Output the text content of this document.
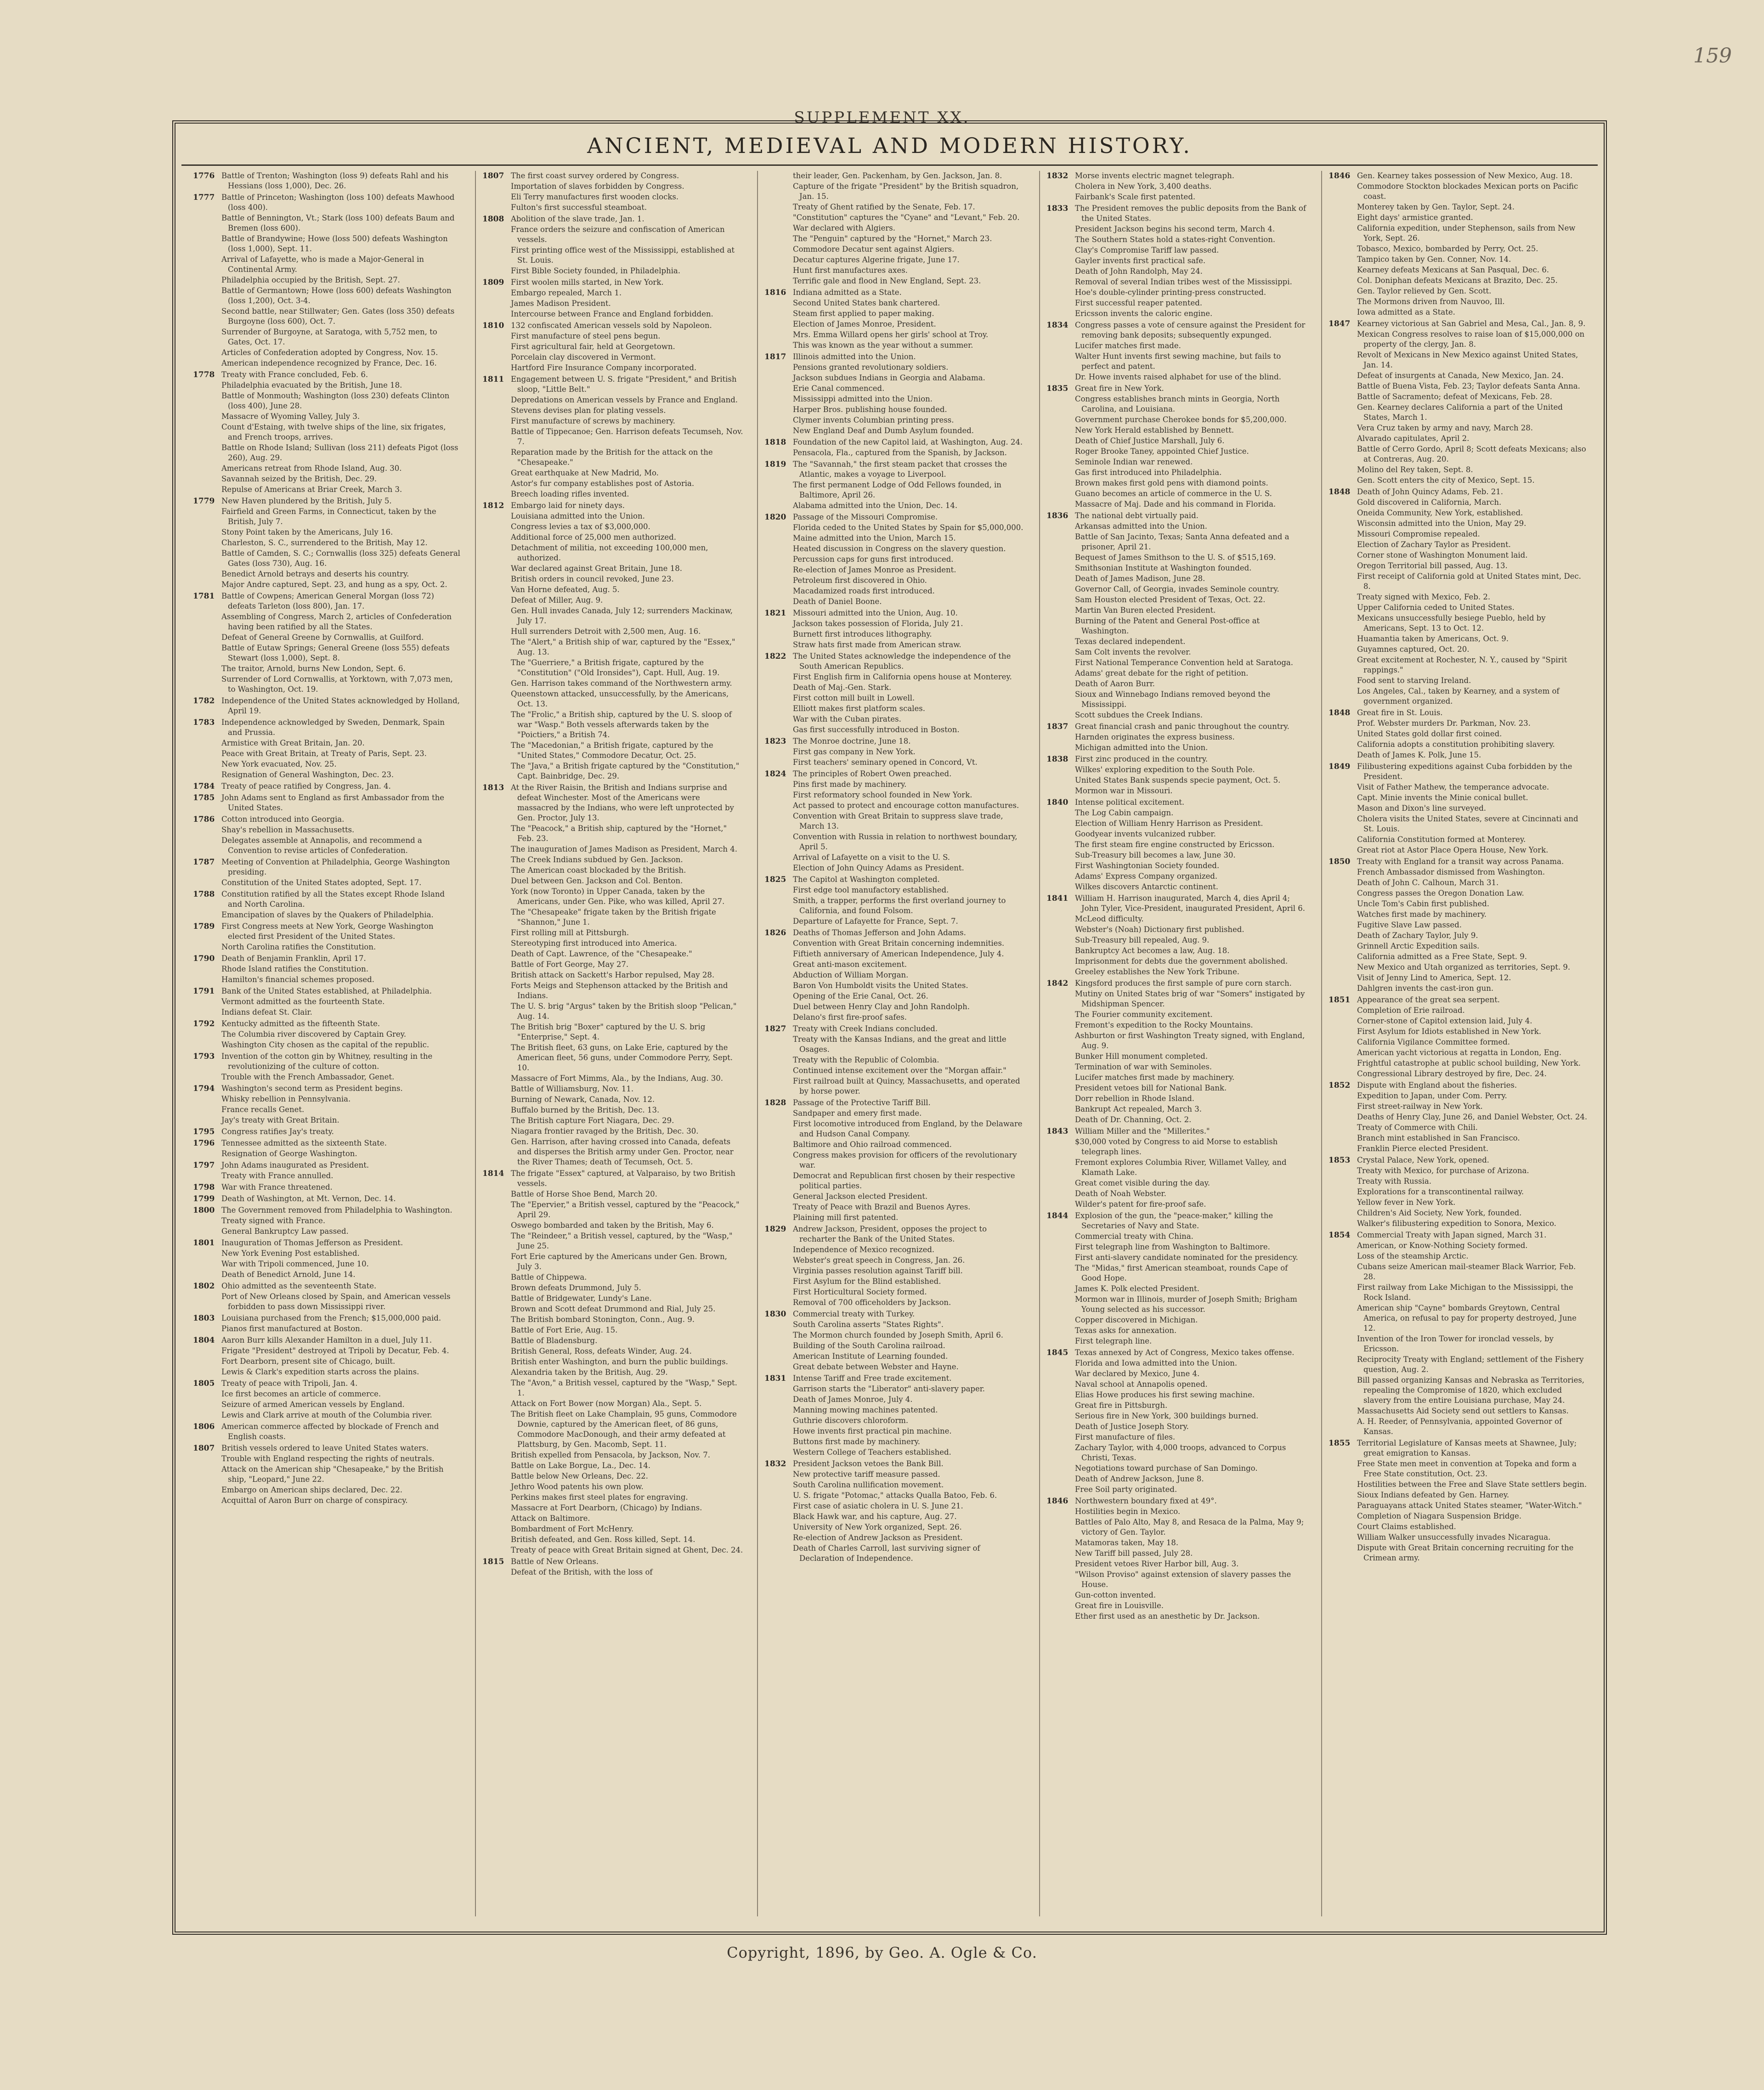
159
SUPPLEMENT XX.
ANCIENT, MEDIEVAL AND MODERN HISTORY.
1776 Battle of Trenton; Washington (loss 9) defeats Rahl and his Hessians (loss 1,000), Dec. 26.
1777 Battle of Princeton; Washington (loss 100) defeats Mawhood (loss 400).
Battle of Bennington, Vt.; Stark (loss 100) defeats Baum and Bremen (loss 600).
Battle of Brandywine; Howe (loss 500) defeats Washington (loss 1,000), Sept. 11.
Arrival of Lafayette, who is made a Major-General in Continental Army.
Philadelphia occupied by the British, Sept. 27.
Battle of Germantown; Howe (loss 600) defeats Washington (loss 1,200), Oct. 3-4.
Second battle, near Stillwater; Gen. Gates (loss 350) defeats Burgoyne (loss 600), Oct. 7.
Surrender of Burgoyne, at Saratoga, with 5,752 men, to Gates, Oct. 17.
Articles of Confederation adopted by Congress, Nov. 15.
American independence recognized by France, Dec. 16.
1778 Treaty with France concluded, Feb. 6.
Philadelphia evacuated by the British, June 18.
Battle of Monmouth; Washington (loss 230) defeats Clinton (loss 400), June 28.
Massacre of Wyoming Valley, July 3.
Count d'Estaing, with twelve ships of the line, six frigates, and French troops, arrives.
Battle on Rhode Island; Sullivan (loss 211) defeats Pigot (loss 260), Aug. 29.
Americans retreat from Rhode Island, Aug. 30.
Savannah seized by the British, Dec. 29.
Repulse of Americans at Briar Creek, March 3.
1779 New Haven plundered by the British, July 5.
Fairfield and Green Farms, in Connecticut, taken by the British, July 7.
Stony Point taken by the Americans, July 16.
Charleston, S. C., surrendered to the British, May 12.
Battle of Camden, S. C.; Cornwallis (loss 325) defeats General Gates (loss 730), Aug. 16.
Benedict Arnold betrays and deserts his country.
Major Andre captured, Sept. 23, and hung as a spy, Oct. 2.
1781 Battle of Cowpens; American General Morgan (loss 72) defeats Tarleton (loss 800), Jan. 17.
Assembling of Congress, March 2, articles of Confederation having been ratified by all the States.
Defeat of General Greene by Cornwallis, at Guilford.
Battle of Eutaw Springs; General Greene (loss 555) defeats Stewart (loss 1,000), Sept. 8.
The traitor, Arnold, burns New London, Sept. 6.
Surrender of Lord Cornwallis, at Yorktown, with 7,073 men, to Washington, Oct. 19.
1782 Independence of the United States acknowledged by Holland, April 19.
1783 Independence acknowledged by Sweden, Denmark, Spain and Prussia.
Armistice with Great Britain, Jan. 20.
Peace with Great Britain, at Treaty of Paris, Sept. 23.
New York evacuated, Nov. 25.
Resignation of General Washington, Dec. 23.
1784 Treaty of peace ratified by Congress, Jan. 4.
1785 John Adams sent to England as first Ambassador from the United States.
1786 Cotton introduced into Georgia.
Shay's rebellion in Massachusetts.
Delegates assemble at Annapolis, and recommend a Convention to revise articles of Confederation.
1787 Meeting of Convention at Philadelphia, George Washington presiding.
Constitution of the United States adopted, Sept. 17.
1788 Constitution ratified by all the States except Rhode Island and North Carolina.
Emancipation of slaves by the Quakers of Philadelphia.
1789 First Congress meets at New York, George Washington elected first President of the United States.
North Carolina ratifies the Constitution.
1790 Death of Benjamin Franklin, April 17.
Rhode Island ratifies the Constitution.
Hamilton's financial schemes proposed.
1791 Bank of the United States established, at Philadelphia.
Vermont admitted as the fourteenth State.
Indians defeat St. Clair.
1792 Kentucky admitted as the fifteenth State.
The Columbia river discovered by Captain Grey.
Washington City chosen as the capital of the republic.
1793 Invention of the cotton gin by Whitney, resulting in the revolutionizing of the culture of cotton.
Trouble with the French Ambassador, Genet.
1794 Washington's second term as President begins.
Whisky rebellion in Pennsylvania.
France recalls Genet.
Jay's treaty with Great Britain.
1795 Congress ratifies Jay's treaty.
1796 Tennessee admitted as the sixteenth State.
Resignation of George Washington.
1797 John Adams inaugurated as President.
Treaty with France annulled.
1798 War with France threatened.
1799 Death of Washington, at Mt. Vernon, Dec. 14.
1800 The Government removed from Philadelphia to Washington.
Treaty signed with France.
General Bankruptcy Law passed.
1801 Inauguration of Thomas Jefferson as President.
New York Evening Post established.
War with Tripoli commenced, June 10.
Death of Benedict Arnold, June 14.
1802 Ohio admitted as the seventeenth State.
Port of New Orleans closed by Spain, and American vessels forbidden to pass down Mississippi river.
1803 Louisiana purchased from the French; $15,000,000 paid.
Pianos first manufactured at Boston.
1804 Aaron Burr kills Alexander Hamilton in a duel, July 11.
Frigate "President" destroyed at Tripoli by Decatur, Feb. 4.
Fort Dearborn, present site of Chicago, built.
Lewis & Clark's expedition starts across the plains.
1805 Treaty of peace with Tripoli, Jan. 4.
Ice first becomes an article of commerce.
Seizure of armed American vessels by England.
Lewis and Clark arrive at mouth of the Columbia river.
1806 American commerce affected by blockade of French and English coasts.
1807 British vessels ordered to leave United States waters.
Trouble with England respecting the rights of neutrals.
Attack on the American ship "Chesapeake," by the British ship, "Leopard," June 22.
Embargo on American ships declared, Dec. 22.
Acquittal of Aaron Burr on charge of conspiracy.
1807 The first coast survey ordered by Congress.
Importation of slaves forbidden by Congress.
Eli Terry manufactures first wooden clocks.
Fulton's first successful steamboat.
1808 Abolition of the slave trade, Jan. 1.
France orders the seizure and confiscation of American vessels.
First printing office west of the Mississippi, established at St. Louis.
First Bible Society founded, in Philadelphia.
1809 First woolen mills started, in New York.
Embargo repealed, March 1.
James Madison President.
Intercourse between France and England forbidden.
1810 132 confiscated American vessels sold by Napoleon.
First manufacture of steel pens begun.
First agricultural fair, held at Georgetown.
Porcelain clay discovered in Vermont.
Hartford Fire Insurance Company incorporated.
1811 Engagement between U. S. frigate "President," and British sloop, "Little Belt."
Depredations on American vessels by France and England.
Stevens devises plan for plating vessels.
First manufacture of screws by machinery.
Battle of Tippecanoe; Gen. Harrison defeats Tecumseh, Nov. 7.
Reparation made by the British for the attack on the "Chesapeake."
Great earthquake at New Madrid, Mo.
Astor's fur company establishes post of Astoria.
Breech loading rifles invented.
1812 Embargo laid for ninety days.
Louisiana admitted into the Union.
Congress levies a tax of $3,000,000.
Additional force of 25,000 men authorized.
Detachment of militia, not exceeding 100,000 men, authorized.
War declared against Great Britain, June 18.
British orders in council revoked, June 23.
Van Horne defeated, Aug. 5.
Defeat of Miller, Aug. 9.
Gen. Hull invades Canada, July 12; surrenders Mackinaw, July 17.
Hull surrenders Detroit with 2,500 men, Aug. 16.
The "Alert," a British ship of war, captured by the "Essex," Aug. 13.
The "Guerriere," a British frigate, captured by the "Constitution" ("Old Ironsides"), Capt. Hull, Aug. 19.
Gen. Harrison takes command of the Northwestern army.
Queenstown attacked, unsuccessfully, by the Americans, Oct. 13.
The "Frolic," a British ship, captured by the U. S. sloop of war "Wasp." Both vessels afterwards taken by the "Poictiers," a British 74.
The "Macedonian," a British frigate, captured by the "United States," Commodore Decatur, Oct. 25.
The "Java," a British frigate captured by the "Constitution," Capt. Bainbridge, Dec. 29.
1813 At the River Raisin, the British and Indians surprise and defeat Winchester. Most of the Americans were massacred by the Indians, who were left unprotected by Gen. Proctor, July 13.
The "Peacock," a British ship, captured by the "Hornet," Feb. 23.
The inauguration of James Madison as President, March 4.
The Creek Indians subdued by Gen. Jackson.
The American coast blockaded by the British.
Duel between Gen. Jackson and Col. Benton.
York (now Toronto) in Upper Canada, taken by the Americans, under Gen. Pike, who was killed, April 27.
The "Chesapeake" frigate taken by the British frigate "Shannon," June 1.
First rolling mill at Pittsburgh.
Stereotyping first introduced into America.
Death of Capt. Lawrence, of the "Chesapeake."
Battle of Fort George, May 27.
British attack on Sackett's Harbor repulsed, May 28.
Forts Meigs and Stephenson attacked by the British and Indians.
The U. S. brig "Argus" taken by the British sloop "Pelican," Aug. 14.
The British brig "Boxer" captured by the U. S. brig "Enterprise," Sept. 4.
The British fleet, 63 guns, on Lake Erie, captured by the American fleet, 56 guns, under Commodore Perry, Sept. 10.
Massacre of Fort Mimms, Ala., by the Indians, Aug. 30.
Battle of Williamsburg, Nov. 11.
Burning of Newark, Canada, Nov. 12.
Buffalo burned by the British, Dec. 13.
The British capture Fort Niagara, Dec. 29.
Niagara frontier ravaged by the British, Dec. 30.
Gen. Harrison, after having crossed into Canada, defeats and disperses the British army under Gen. Proctor, near the River Thames; death of Tecumseh, Oct. 5.
1814 The frigate "Essex" captured, at Valparaiso, by two British vessels.
Battle of Horse Shoe Bend, March 20.
The "Epervier," a British vessel, captured by the "Peacock," April 29.
Oswego bombarded and taken by the British, May 6.
The "Reindeer," a British vessel, captured, by the "Wasp," June 25.
Fort Erie captured by the Americans under Gen. Brown, July 3.
Battle of Chippewa.
Brown defeats Drummond, July 5.
Battle of Bridgewater, Lundy's Lane.
Brown and Scott defeat Drummond and Rial, July 25.
The British bombard Stonington, Conn., Aug. 9.
Battle of Fort Erie, Aug. 15.
Battle of Bladensburg.
British General, Ross, defeats Winder, Aug. 24.
British enter Washington, and burn the public buildings.
Alexandria taken by the British, Aug. 29.
The "Avon," a British vessel, captured by the "Wasp," Sept. 1.
Attack on Fort Bower (now Morgan) Ala., Sept. 5.
The British fleet on Lake Champlain, 95 guns, Commodore Downie, captured by the American fleet, of 86 guns, Commodore MacDonough, and their army defeated at Plattsburg, by Gen. Macomb, Sept. 11.
British expelled from Pensacola, by Jackson, Nov. 7.
Battle on Lake Borgue, La., Dec. 14.
Battle below New Orleans, Dec. 22.
Jethro Wood patents his own plow.
Perkins makes first steel plates for engraving.
Massacre at Fort Dearborn, (Chicago) by Indians.
Attack on Baltimore.
Bombardment of Fort McHenry.
British defeated, and Gen. Ross killed, Sept. 14.
Treaty of peace with Great Britain signed at Ghent, Dec. 24.
1815 Battle of New Orleans.
Defeat of the British, with the loss of
their leader, Gen. Packenham, by Gen. Jackson, Jan. 8.
Capture of the frigate "President" by the British squadron, Jan. 15.
Treaty of Ghent ratified by the Senate, Feb. 17.
"Constitution" captures the "Cyane" and "Levant," Feb. 20.
War declared with Algiers.
The "Penguin" captured by the "Hornet," March 23.
Commodore Decatur sent against Algiers.
Decatur captures Algerine frigate, June 17.
Hunt first manufactures axes.
Terrific gale and flood in New England, Sept. 23.
1816 Indiana admitted as a State.
Second United States bank chartered.
Steam first applied to paper making.
Election of James Monroe, President.
Mrs. Emma Willard opens her girls' school at Troy.
This was known as the year without a summer.
1817 Illinois admitted into the Union.
Pensions granted revolutionary soldiers.
Jackson subdues Indians in Georgia and Alabama.
Erie Canal commenced.
Mississippi admitted into the Union.
Harper Bros. publishing house founded.
Clymer invents Columbian printing press.
New England Deaf and Dumb Asylum founded.
1818 Foundation of the new Capitol laid, at Washington, Aug. 24.
Pensacola, Fla., captured from the Spanish, by Jackson.
1819 The "Savannah," the first steam packet that crosses the Atlantic, makes a voyage to Liverpool.
The first permanent Lodge of Odd Fellows founded, in Baltimore, April 26.
Alabama admitted into the Union, Dec. 14.
1820 Passage of the Missouri Compromise.
Florida ceded to the United States by Spain for $5,000,000.
Maine admitted into the Union, March 15.
Heated discussion in Congress on the slavery question.
Percussion caps for guns first introduced.
Re-election of James Monroe as President.
Petroleum first discovered in Ohio.
Macadamized roads first introduced.
Death of Daniel Boone.
1821 Missouri admitted into the Union, Aug. 10.
Jackson takes possession of Florida, July 21.
Burnett first introduces lithography.
Straw hats first made from American straw.
1822 The United States acknowledge the independence of the South American Republics.
First English firm in California opens house at Monterey.
Death of Maj.-Gen. Stark.
First cotton mill built in Lowell.
Elliott makes first platform scales.
War with the Cuban pirates.
Gas first successfully introduced in Boston.
1823 The Monroe doctrine, June 18.
First gas company in New York.
First teachers' seminary opened in Concord, Vt.
1824 The principles of Robert Owen preached.
Pins first made by machinery.
First reformatory school founded in New York.
Act passed to protect and encourage cotton manufactures.
Convention with Great Britain to suppress slave trade, March 13.
Convention with Russia in relation to northwest boundary, April 5.
Arrival of Lafayette on a visit to the U. S.
Election of John Quincy Adams as President.
1825 The Capitol at Washington completed.
First edge tool manufactory established.
Smith, a trapper, performs the first overland journey to California, and found Folsom.
Departure of Lafayette for France, Sept. 7.
1826 Deaths of Thomas Jefferson and John Adams.
Convention with Great Britain concerning indemnities.
Fiftieth anniversary of American Independence, July 4.
Great anti-mason excitement.
Abduction of William Morgan.
Baron Von Humboldt visits the United States.
Opening of the Erie Canal, Oct. 26.
Duel between Henry Clay and John Randolph.
Delano's first fire-proof safes.
1827 Treaty with Creek Indians concluded.
Treaty with the Kansas Indians, and the great and little Osages.
Treaty with the Republic of Colombia.
Continued intense excitement over the "Morgan affair."
First railroad built at Quincy, Massachusetts, and operated by horse power.
1828 Passage of the Protective Tariff Bill.
Sandpaper and emery first made.
First locomotive introduced from England, by the Delaware and Hudson Canal Company.
Baltimore and Ohio railroad commenced.
Congress makes provision for officers of the revolutionary war.
Democrat and Republican first chosen by their respective political parties.
General Jackson elected President.
Treaty of Peace with Brazil and Buenos Ayres.
Plaining mill first patented.
1829 Andrew Jackson, President, opposes the project to recharter the Bank of the United States.
Independence of Mexico recognized.
Webster's great speech in Congress, Jan. 26.
Virginia passes resolution against Tariff bill.
First Asylum for the Blind established.
First Horticultural Society formed.
Removal of 700 officeholders by Jackson.
1830 Commercial treaty with Turkey.
South Carolina asserts "States Rights".
The Mormon church founded by Joseph Smith, April 6.
Building of the South Carolina railroad.
American Institute of Learning founded.
Great debate between Webster and Hayne.
1831 Intense Tariff and Free trade excitement.
Garrison starts the "Liberator" anti-slavery paper.
Death of James Monroe, July 4.
Manning mowing machines patented.
Guthrie discovers chloroform.
Howe invents first practical pin machine.
Buttons first made by machinery.
Western College of Teachers established.
1832 President Jackson vetoes the Bank Bill.
New protective tariff measure passed.
South Carolina nullification movement.
U. S. frigate "Potomac," attacks Qualla Batoo, Feb. 6.
First case of asiatic cholera in U. S. June 21.
Black Hawk war, and his capture, Aug. 27.
University of New York organized, Sept. 26.
Re-election of Andrew Jackson as President.
Death of Charles Carroll, last surviving signer of Declaration of Independence.
1832 Morse invents electric magnet telegraph.
Cholera in New York, 3,400 deaths.
Fairbank's Scale first patented.
1833 The President removes the public deposits from the Bank of the United States.
President Jackson begins his second term, March 4.
The Southern States hold a states-right Convention.
Clay's Compromise Tariff law passed.
Gayler invents first practical safe.
Death of John Randolph, May 24.
Removal of several Indian tribes west of the Mississippi.
Hoe's double-cylinder printing-press constructed.
First successful reaper patented.
Ericsson invents the caloric engine.
1834 Congress passes a vote of censure against the President for removing bank deposits; subsequently expunged.
Lucifer matches first made.
Walter Hunt invents first sewing machine, but fails to perfect and patent.
Dr. Howe invents raised alphabet for use of the blind.
1835 Great fire in New York.
Congress establishes branch mints in Georgia, North Carolina, and Louisiana.
Government purchase Cherokee bonds for $5,200,000.
New York Herald established by Bennett.
Death of Chief Justice Marshall, July 6.
Roger Brooke Taney, appointed Chief Justice.
Seminole Indian war renewed.
Gas first introduced into Philadelphia.
Brown makes first gold pens with diamond points.
Guano becomes an article of commerce in the U. S.
Massacre of Maj. Dade and his command in Florida.
1836 The national debt virtually paid.
Arkansas admitted into the Union.
Battle of San Jacinto, Texas; Santa Anna defeated and a prisoner, April 21.
Bequest of James Smithson to the U. S. of $515,169.
Smithsonian Institute at Washington founded.
Death of James Madison, June 28.
Governor Call, of Georgia, invades Seminole country.
Sam Houston elected President of Texas, Oct. 22.
Martin Van Buren elected President.
Burning of the Patent and General Post-office at Washington.
Texas declared independent.
Sam Colt invents the revolver.
First National Temperance Convention held at Saratoga.
Adams' great debate for the right of petition.
Death of Aaron Burr.
Sioux and Winnebago Indians removed beyond the Mississippi.
Scott subdues the Creek Indians.
1837 Great financial crash and panic throughout the country.
Harnden originates the express business.
Michigan admitted into the Union.
1838 First zinc produced in the country.
Wilkes' exploring expedition to the South Pole.
United States Bank suspends specie payment, Oct. 5.
Mormon war in Missouri.
1840 Intense political excitement.
The Log Cabin campaign.
Election of William Henry Harrison as President.
Goodyear invents vulcanized rubber.
The first steam fire engine constructed by Ericsson.
Sub-Treasury bill becomes a law, June 30.
First Washingtonian Society founded.
Adams' Express Company organized.
Wilkes discovers Antarctic continent.
1841 William H. Harrison inaugurated, March 4, dies April 4; John Tyler, Vice-President, inaugurated President, April 6.
McLeod difficulty.
Webster's (Noah) Dictionary first published.
Sub-Treasury bill repealed, Aug. 9.
Bankruptcy Act becomes a law, Aug. 18.
Imprisonment for debts due the government abolished.
Greeley establishes the New York Tribune.
1842 Kingsford produces the first sample of pure corn starch.
Mutiny on United States brig of war "Somers" instigated by Midshipman Spencer.
The Fourier community excitement.
Fremont's expedition to the Rocky Mountains.
Ashburton or first Washington Treaty signed, with England, Aug. 9.
Bunker Hill monument completed.
Termination of war with Seminoles.
Lucifer matches first made by machinery.
President vetoes bill for National Bank.
Dorr rebellion in Rhode Island.
Bankrupt Act repealed, March 3.
Death of Dr. Channing, Oct. 2.
1843 William Miller and the "Millerites."
$30,000 voted by Congress to aid Morse to establish telegraph lines.
Fremont explores Columbia River, Willamet Valley, and Klamath Lake.
Great comet visible during the day.
Death of Noah Webster.
Wilder's patent for fire-proof safe.
1844 Explosion of the gun, the "peace-maker," killing the Secretaries of Navy and State.
Commercial treaty with China.
First telegraph line from Washington to Baltimore.
First anti-slavery candidate nominated for the presidency.
The "Midas," first American steamboat, rounds Cape of Good Hope.
James K. Polk elected President.
Mormon war in Illinois, murder of Joseph Smith; Brigham Young selected as his successor.
Copper discovered in Michigan.
Texas asks for annexation.
First telegraph line.
1845 Texas annexed by Act of Congress, Mexico takes offense.
Florida and Iowa admitted into the Union.
War declared by Mexico, June 4.
Naval school at Annapolis opened.
Elias Howe produces his first sewing machine.
Great fire in Pittsburgh.
Serious fire in New York, 300 buildings burned.
Death of Justice Joseph Story.
First manufacture of files.
Zachary Taylor, with 4,000 troops, advanced to Corpus Christi, Texas.
Negotiations toward purchase of San Domingo.
Death of Andrew Jackson, June 8.
Free Soil party originated.
1846 Northwestern boundary fixed at 49°.
Hostilities begin in Mexico.
Battles of Palo Alto, May 8, and Resaca de la Palma, May 9; victory of Gen. Taylor.
Matamoras taken, May 18.
New Tariff bill passed, July 28.
President vetoes River Harbor bill, Aug. 3.
"Wilson Proviso" against extension of slavery passes the House.
Gun-cotton invented.
Great fire in Louisville.
Ether first used as an anesthetic by Dr. Jackson.
1846 Gen. Kearney takes possession of New Mexico, Aug. 18.
Commodore Stockton blockades Mexican ports on Pacific coast.
Monterey taken by Gen. Taylor, Sept. 24.
Eight days' armistice granted.
California expedition, under Stephenson, sails from New York, Sept. 26.
Tobasco, Mexico, bombarded by Perry, Oct. 25.
Tampico taken by Gen. Conner, Nov. 14.
Kearney defeats Mexicans at San Pasqual, Dec. 6.
Col. Doniphan defeats Mexicans at Brazito, Dec. 25.
Gen. Taylor relieved by Gen. Scott.
The Mormons driven from Nauvoo, Ill.
Iowa admitted as a State.
1847 Kearney victorious at San Gabriel and Mesa, Cal., Jan. 8, 9.
Mexican Congress resolves to raise loan of $15,000,000 on property of the clergy, Jan. 8.
Revolt of Mexicans in New Mexico against United States, Jan. 14.
Defeat of insurgents at Canada, New Mexico, Jan. 24.
Battle of Buena Vista, Feb. 23; Taylor defeats Santa Anna.
Battle of Sacramento; defeat of Mexicans, Feb. 28.
Gen. Kearney declares California a part of the United States, March 1.
Vera Cruz taken by army and navy, March 28.
Alvarado capitulates, April 2.
Battle of Cerro Gordo, April 8; Scott defeats Mexicans; also at Contreras, Aug. 20.
Molino del Rey taken, Sept. 8.
Gen. Scott enters the city of Mexico, Sept. 15.
1848 Death of John Quincy Adams, Feb. 21.
Gold discovered in California, March.
Oneida Community, New York, established.
Wisconsin admitted into the Union, May 29.
Missouri Compromise repealed.
Election of Zachary Taylor as President.
Corner stone of Washington Monument laid.
Oregon Territorial bill passed, Aug. 13.
First receipt of California gold at United States mint, Dec. 8.
Treaty signed with Mexico, Feb. 2.
Upper California ceded to United States.
Mexicans unsuccessfully besiege Pueblo, held by Americans, Sept. 13 to Oct. 12.
Huamantia taken by Americans, Oct. 9.
Guyamnes captured, Oct. 20.
Great excitement at Rochester, N. Y., caused by "Spirit rappings."
Food sent to starving Ireland.
Los Angeles, Cal., taken by Kearney, and a system of government organized.
1848 Great fire in St. Louis.
Prof. Webster murders Dr. Parkman, Nov. 23.
United States gold dollar first coined.
California adopts a constitution prohibiting slavery.
Death of James K. Polk, June 15.
1849 Filibustering expeditions against Cuba forbidden by the President.
Visit of Father Mathew, the temperance advocate.
Capt. Minie invents the Minie conical bullet.
Mason and Dixon's line surveyed.
Cholera visits the United States, severe at Cincinnati and St. Louis.
California Constitution formed at Monterey.
Great riot at Astor Place Opera House, New York.
1850 Treaty with England for a transit way across Panama.
French Ambassador dismissed from Washington.
Death of John C. Calhoun, March 31.
Congress passes the Oregon Donation Law.
Uncle Tom's Cabin first published.
Watches first made by machinery.
Fugitive Slave Law passed.
Death of Zachary Taylor, July 9.
Grinnell Arctic Expedition sails.
California admitted as a Free State, Sept. 9.
New Mexico and Utah organized as territories, Sept. 9.
Visit of Jenny Lind to America, Sept. 12.
Dahlgren invents the cast-iron gun.
1851 Appearance of the great sea serpent.
Completion of Erie railroad.
Corner-stone of Capitol extension laid, July 4.
First Asylum for Idiots established in New York.
California Vigilance Committee formed.
American yacht victorious at regatta in London, Eng.
Frightful catastrophe at public school building, New York.
Congressional Library destroyed by fire, Dec. 24.
1852 Dispute with England about the fisheries.
Expedition to Japan, under Com. Perry.
First street-railway in New York.
Deaths of Henry Clay, June 26, and Daniel Webster, Oct. 24.
Treaty of Commerce with Chili.
Branch mint established in San Francisco.
Franklin Pierce elected President.
1853 Crystal Palace, New York, opened.
Treaty with Mexico, for purchase of Arizona.
Treaty with Russia.
Explorations for a transcontinental railway.
Yellow fever in New York.
Children's Aid Society, New York, founded.
Walker's filibustering expedition to Sonora, Mexico.
1854 Commercial Treaty with Japan signed, March 31.
American, or Know-Nothing Society formed.
Loss of the steamship Arctic.
Cubans seize American mail-steamer Black Warrior, Feb. 28.
First railway from Lake Michigan to the Mississippi, the Rock Island.
American ship "Cayne" bombards Greytown, Central America, on refusal to pay for property destroyed, June 12.
Invention of the Iron Tower for ironclad vessels, by Ericsson.
Reciprocity Treaty with England; settlement of the Fishery question, Aug. 2.
Bill passed organizing Kansas and Nebraska as Territories, repealing the Compromise of 1820, which excluded slavery from the entire Louisiana purchase, May 24.
Massachusetts Aid Society send out settlers to Kansas.
A. H. Reeder, of Pennsylvania, appointed Governor of Kansas.
1855 Territorial Legislature of Kansas meets at Shawnee, July; great emigration to Kansas.
Free State men meet in convention at Topeka and form a Free State constitution, Oct. 23.
Hostilities between the Free and Slave State settlers begin.
Sioux Indians defeated by Gen. Harney.
Paraguayans attack United States steamer, "Water-Witch."
Completion of Niagara Suspension Bridge.
Court Claims established.
William Walker unsuccessfully invades Nicaragua.
Dispute with Great Britain concerning recruiting for the Crimean army.
Copyright, 1896, by Geo. A. Ogle & Co.
